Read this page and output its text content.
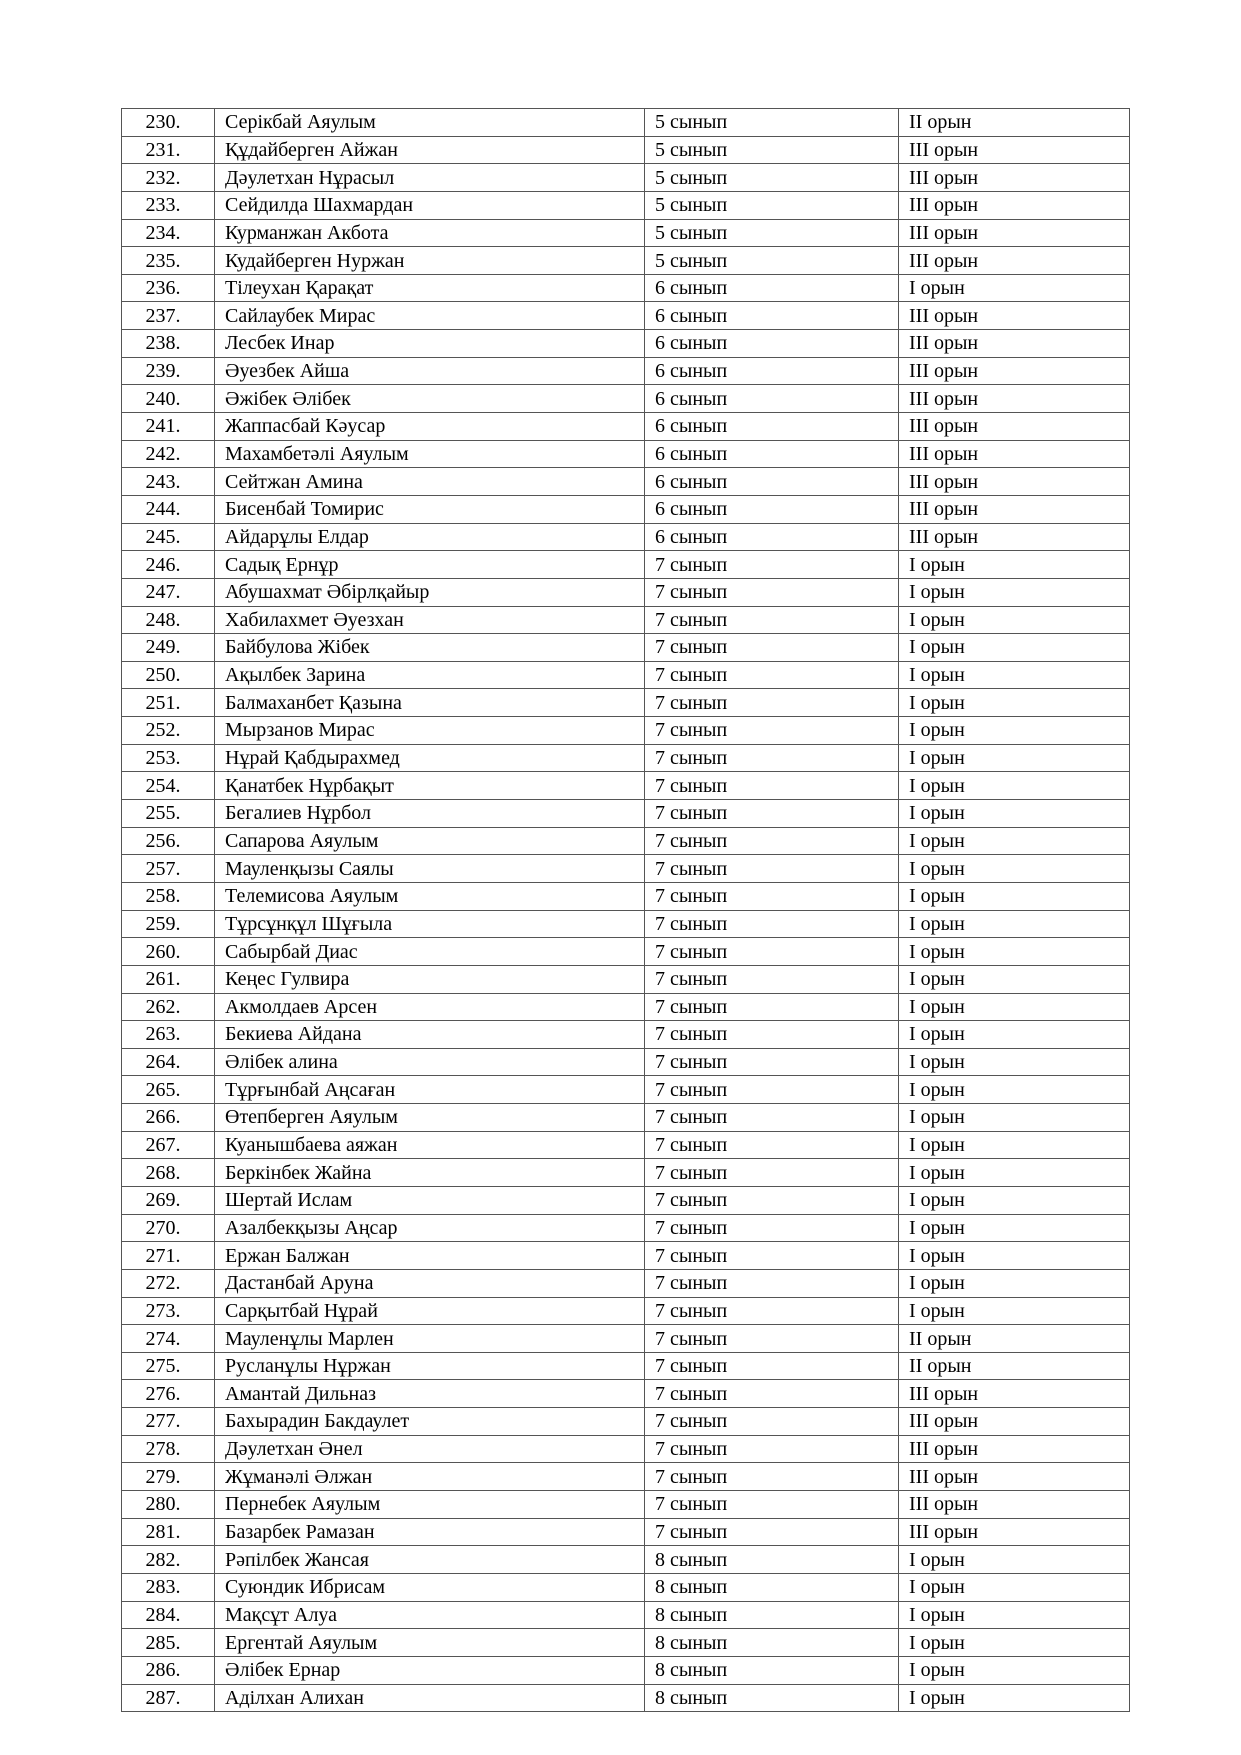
230.	Серікбай Аяулым	5 сынып	ІІ орын
231.	Құдайберген Айжан	5 сынып	ІІІ орын
232.	Дәулетхан Нұрасыл	5 сынып	ІІІ орын
233.	Сейдилда Шахмардан	5 сынып	ІІІ орын
234.	Курманжан Акбота	5 сынып	ІІІ орын
235.	Кудайберген Нуржан	5 сынып	ІІІ орын
236.	Тілеухан Қарақат	6 сынып	І орын
237.	Сайлаубек Мирас	6 сынып	ІІІ орын
238.	Лесбек Инар	6 сынып	ІІІ орын
239.	Әуезбек Айша	6 сынып	ІІІ орын
240.	Әжібек Әлібек	6 сынып	ІІІ орын
241.	Жаппасбай Кәусар	6 сынып	ІІІ орын
242.	Махамбетәлі Аяулым	6 сынып	ІІІ орын
243.	Сейтжан Амина	6 сынып	ІІІ орын
244.	Бисенбай Томирис	6 сынып	ІІІ орын
245.	Айдарұлы Елдар	6 сынып	ІІІ орын
246.	Садық Ернұр	7 сынып	І орын
247.	Абушахмат Әбірлқайыр	7 сынып	І орын
248.	Хабилахмет Әуезхан	7 сынып	І орын
249.	Байбулова Жібек	7 сынып	І орын
250.	Ақылбек Зарина	7 сынып	І орын
251.	Балмаханбет Қазына	7 сынып	І орын
252.	Мырзанов Мирас	7 сынып	І орын
253.	Нұрай Қабдырахмед	7 сынып	І орын
254.	Қанатбек Нұрбақыт	7 сынып	І орын
255.	Бегалиев Нұрбол	7 сынып	І орын
256.	Сапарова Аяулым	7 сынып	І орын
257.	Мауленқызы Саялы	7 сынып	І орын
258.	Телемисова Аяулым	7 сынып	І орын
259.	Тұрсұнқұл Шұғыла	7 сынып	І орын
260.	Сабырбай Диас	7 сынып	І орын
261.	Кеңес Гулвира	7 сынып	І орын
262.	Акмолдаев Арсен	7 сынып	І орын
263.	Бекиева Айдана	7 сынып	І орын
264.	Әлібек алина	7 сынып	І орын
265.	Тұрғынбай Аңсаған	7 сынып	І орын
266.	Өтепберген Аяулым	7 сынып	І орын
267.	Куанышбаева аяжан	7 сынып	І орын
268.	Беркінбек Жайна	7 сынып	І орын
269.	Шертай Ислам	7 сынып	І орын
270.	Азалбекқызы Аңсар	7 сынып	І орын
271.	Ержан Балжан	7 сынып	І орын
272.	Дастанбай Аруна	7 сынып	І орын
273.	Сарқытбай Нұрай	7 сынып	І орын
274.	Мауленұлы Марлен	7 сынып	ІІ орын
275.	Русланұлы Нұржан	7 сынып	ІІ орын
276.	Амантай Дильназ	7 сынып	ІІІ орын
277.	Бахырадин Бакдаулет	7 сынып	ІІІ орын
278.	Дәулетхан Әнел	7 сынып	ІІІ орын
279.	Жұманәлі Әлжан	7 сынып	ІІІ орын
280.	Пернебек Аяулым	7 сынып	ІІІ орын
281.	Базарбек Рамазан	7 сынып	ІІІ орын
282.	Рәпілбек Жансая	8 сынып	І орын
283.	Суюндик Ибрисам	8 сынып	І орын
284.	Мақсұт Алуа	8 сынып	І орын
285.	Ергентай Аяулым	8 сынып	І орын
286.	Әлібек Ернар	8 сынып	І орын
287.	Аділхан Алихан	8 сынып	І орын
